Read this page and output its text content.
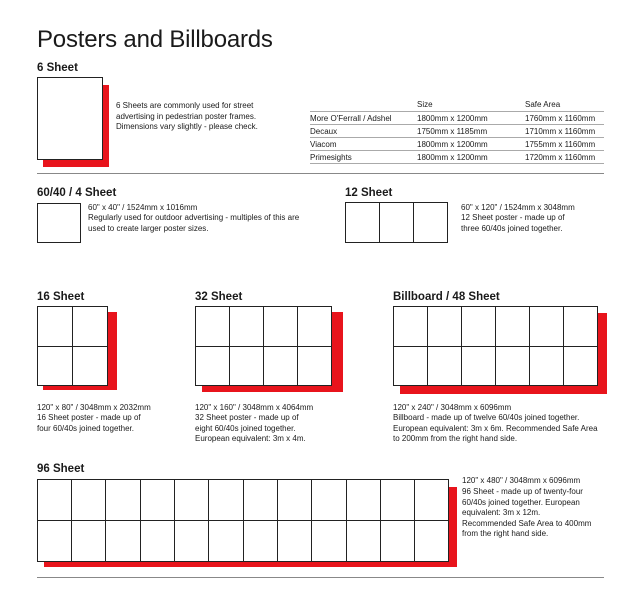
Posters and Billboards
6 Sheet
6 Sheets are commonly used for street advertising in pedestrian poster frames. Dimensions vary slightly - please check.
	Size	Safe Area
More O'Ferrall / Adshel	1800mm x 1200mm	1760mm x 1160mm
Decaux	1750mm x 1185mm	1710mm x 1160mm
Viacom	1800mm x 1200mm	1755mm x 1160mm
Primesights	1800mm x 1200mm	1720mm x 1160mm
60/40 / 4 Sheet
60" x 40" / 1524mm x 1016mm
Regularly used for outdoor advertising - multiples of this are used to create larger poster sizes.
12 Sheet
60" x 120" / 1524mm x 3048mm
12 Sheet poster - made up of three 60/40s joined together.
16 Sheet
120" x 80" / 3048mm x 2032mm
16 Sheet poster - made up of four 60/40s joined together.
32 Sheet
120" x 160" / 3048mm x 4064mm
32 Sheet poster - made up of eight 60/40s joined together. European equivalent: 3m x 4m.
Billboard / 48 Sheet
120" x 240" / 3048mm x 6096mm
Billboard - made up of twelve 60/40s joined together. European equivalent: 3m x 6m. Recommended Safe Area to 200mm from the right hand side.
96 Sheet
120" x 480" / 3048mm x 6096mm
96 Sheet - made up of twenty-four 60/40s joined together. European equivalent: 3m x 12m. Recommended Safe Area to 400mm from the right hand side.
